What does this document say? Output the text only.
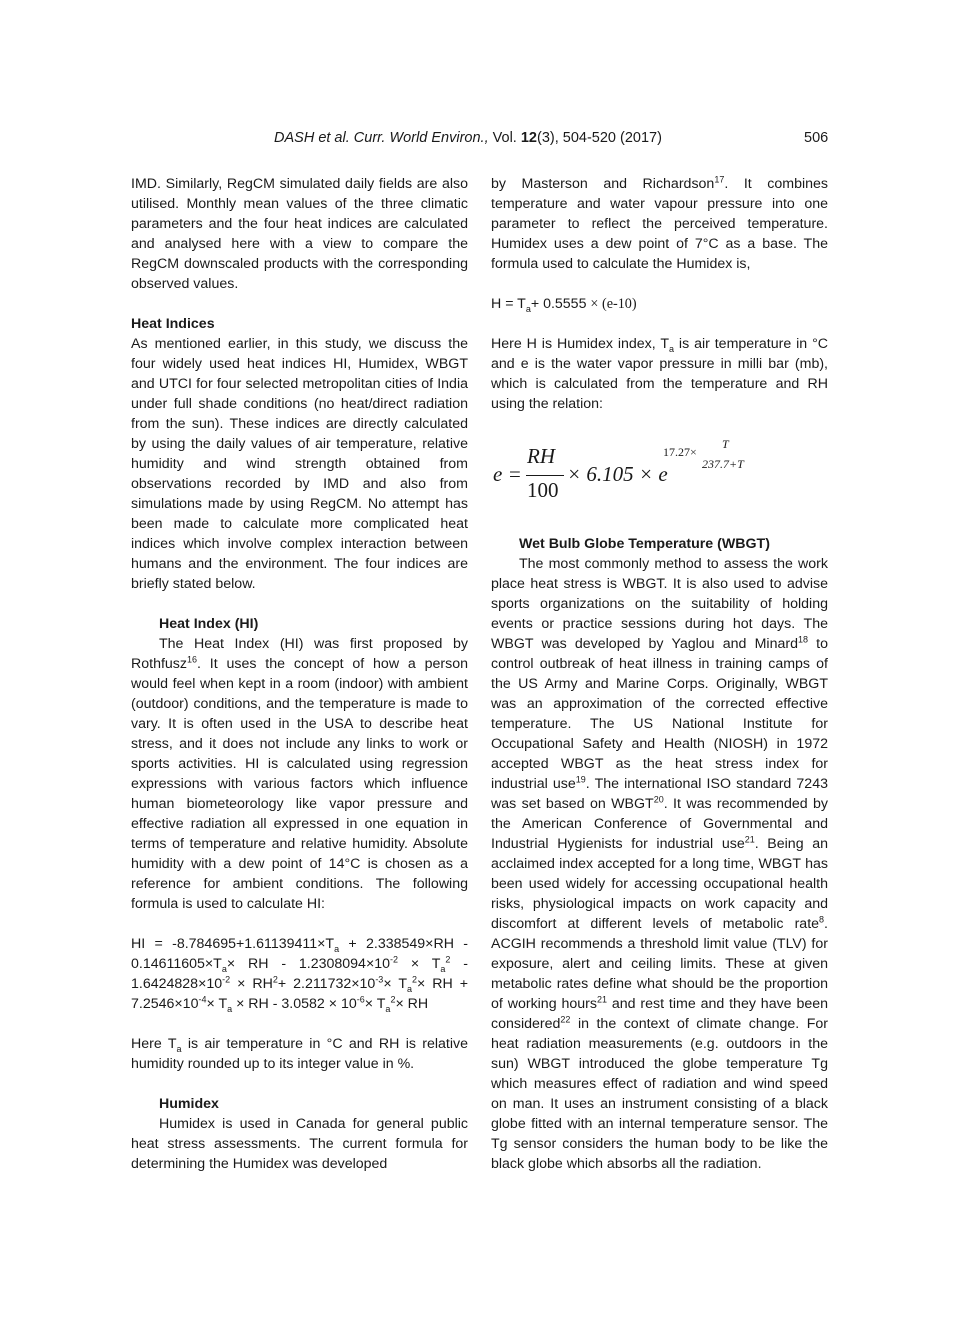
DASH et al. Curr. World Environ., Vol. 12(3), 504-520 (2017)	506

IMD. Similarly, RegCM simulated daily fields are also utilised. Monthly mean values of the three climatic parameters and the four heat indices are calculated and analysed here with a view to compare the RegCM downscaled products with the corresponding observed values.

Heat Indices

As mentioned earlier, in this study, we discuss the four widely used heat indices HI, Humidex, WBGT and UTCI for four selected metropolitan cities of India under full shade conditions (no heat/direct radiation from the sun). These indices are directly calculated by using the daily values of air temperature, relative humidity and wind strength obtained from observations recorded by IMD and also from simulations made by using RegCM. No attempt has been made to calculate more complicated heat indices which involve complex interaction between humans and the environment. The four indices are briefly stated below.

Heat Index (HI)

The Heat Index (HI) was first proposed by Rothfusz$^{16}$. It uses the concept of how a person would feel when kept in a room (indoor) with ambient (outdoor) conditions, and the temperature is made to vary. It is often used in the USA to describe heat stress, and it does not include any links to work or sports activities. HI is calculated using regression expressions with various factors which influence human biometeorology like vapor pressure and effective radiation all expressed in one equation in terms of temperature and relative humidity. Absolute humidity with a dew point of 14°C is chosen as a reference for ambient conditions. The following formula is used to calculate HI:

HI = $-8.784695+1.61139411\times T_a + 2.338549\times RH - 0.14611605\times T_a\times$ RH - $1.2308094\times 10^{-2} \times T_a^2 - 1.6424828\times 10^{-2} \times RH^2+ 2.211732\times 10^{-3}\times T_a^2\times$ RH + $7.2546\times 10^{-4}\times T_a$ × RH - $3.0582 \times 10^{-6}\times T_a^2\times$ RH

Here $T_a$ is air temperature in °C and RH is relative humidity rounded up to its integer value in %.

Humidex

Humidex is used in Canada for general public heat stress assessments. The current formula for determining the Humidex was developed

by Masterson and Richardson$^{17}$. It combines temperature and water vapour pressure into one parameter to reflect the perceived temperature. Humidex uses a dew point of 7°C as a base. The formula used to calculate the Humidex is,

$H = T_a+ 0.5555 \times (e-10)$

Here H is Humidex index, $T_a$ is air temperature in °C and e is the water vapor pressure in milli bar (mb), which is calculated from the temperature and RH using the relation:

e =
RH
100
× 6.105 × e
17.27×
T
237.7+T
Wet Bulb Globe Temperature (WBGT)

The most commonly method to assess the work place heat stress is WBGT. It is also used to advise sports organizations on the suitability of holding events or practice sessions during hot days. The WBGT was developed by Yaglou and Minard$^{18}$ to control outbreak of heat illness in training camps of the US Army and Marine Corps. Originally, WBGT was an approximation of the corrected effective temperature. The US National Institute for Occupational Safety and Health (NIOSH) in 1972 accepted WBGT as the heat stress index for industrial use$^{19}$. The international ISO standard 7243 was set based on WBGT$^{20}$. It was recommended by the American Conference of Governmental and Industrial Hygienists for industrial use$^{21}$. Being an acclaimed index accepted for a long time, WBGT has been used widely for accessing occupational health risks, physiological impacts on work capacity and discomfort at different levels of metabolic rate$^8$. ACGIH recommends a threshold limit value (TLV) for exposure, alert and ceiling limits. These at given metabolic rates define what should be the proportion of working hours$^{21}$ and rest time and they have been considered$^{22}$ in the context of climate change. For heat radiation measurements (e.g. outdoors in the sun) WBGT introduced the globe temperature Tg which measures effect of radiation and wind speed on man. It uses an instrument consisting of a black globe fitted with an internal temperature sensor. The Tg sensor considers the human body to be like the black globe which absorbs all the radiation.
